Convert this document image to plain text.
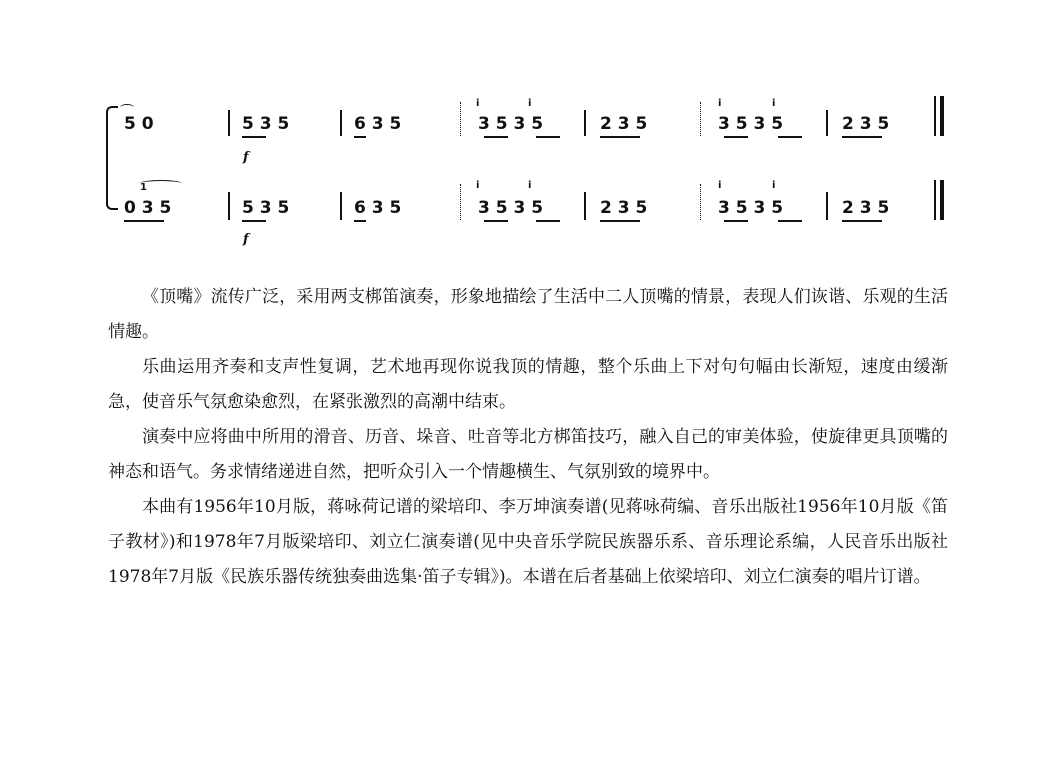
5 0	5 3 5
f
6 3 5
i	i
3 5 3 5	2 3 5
i	i
3 5 3 5	2 3 5
1
0 3 5	5 3 5
f
6 3 5
i	i
3 5 3 5	2 3 5
i	i
3 5 3 5	2 3 5

《顶嘴》流传广泛，采用两支梆笛演奏，形象地描绘了生活中二人顶嘴的情景，表现人们诙谐、乐观的生活情趣。

乐曲运用齐奏和支声性复调，艺术地再现你说我顶的情趣，整个乐曲上下对句句幅由长渐短，速度由缓渐急，使音乐气氛愈染愈烈，在紧张激烈的高潮中结束。

演奏中应将曲中所用的滑音、历音、垛音、吐音等北方梆笛技巧，融入自己的审美体验，使旋律更具顶嘴的神态和语气。务求情绪递进自然，把听众引入一个情趣横生、气氛别致的境界中。

本曲有1956年10月版，蒋咏荷记谱的梁培印、李万坤演奏谱(见蒋咏荷编、音乐出版社1956年10月版《笛子教材》)和1978年7月版梁培印、刘立仁演奏谱(见中央音乐学院民族器乐系、音乐理论系编，人民音乐出版社1978年7月版《民族乐器传统独奏曲选集·笛子专辑》)。本谱在后者基础上依梁培印、刘立仁演奏的唱片订谱。
